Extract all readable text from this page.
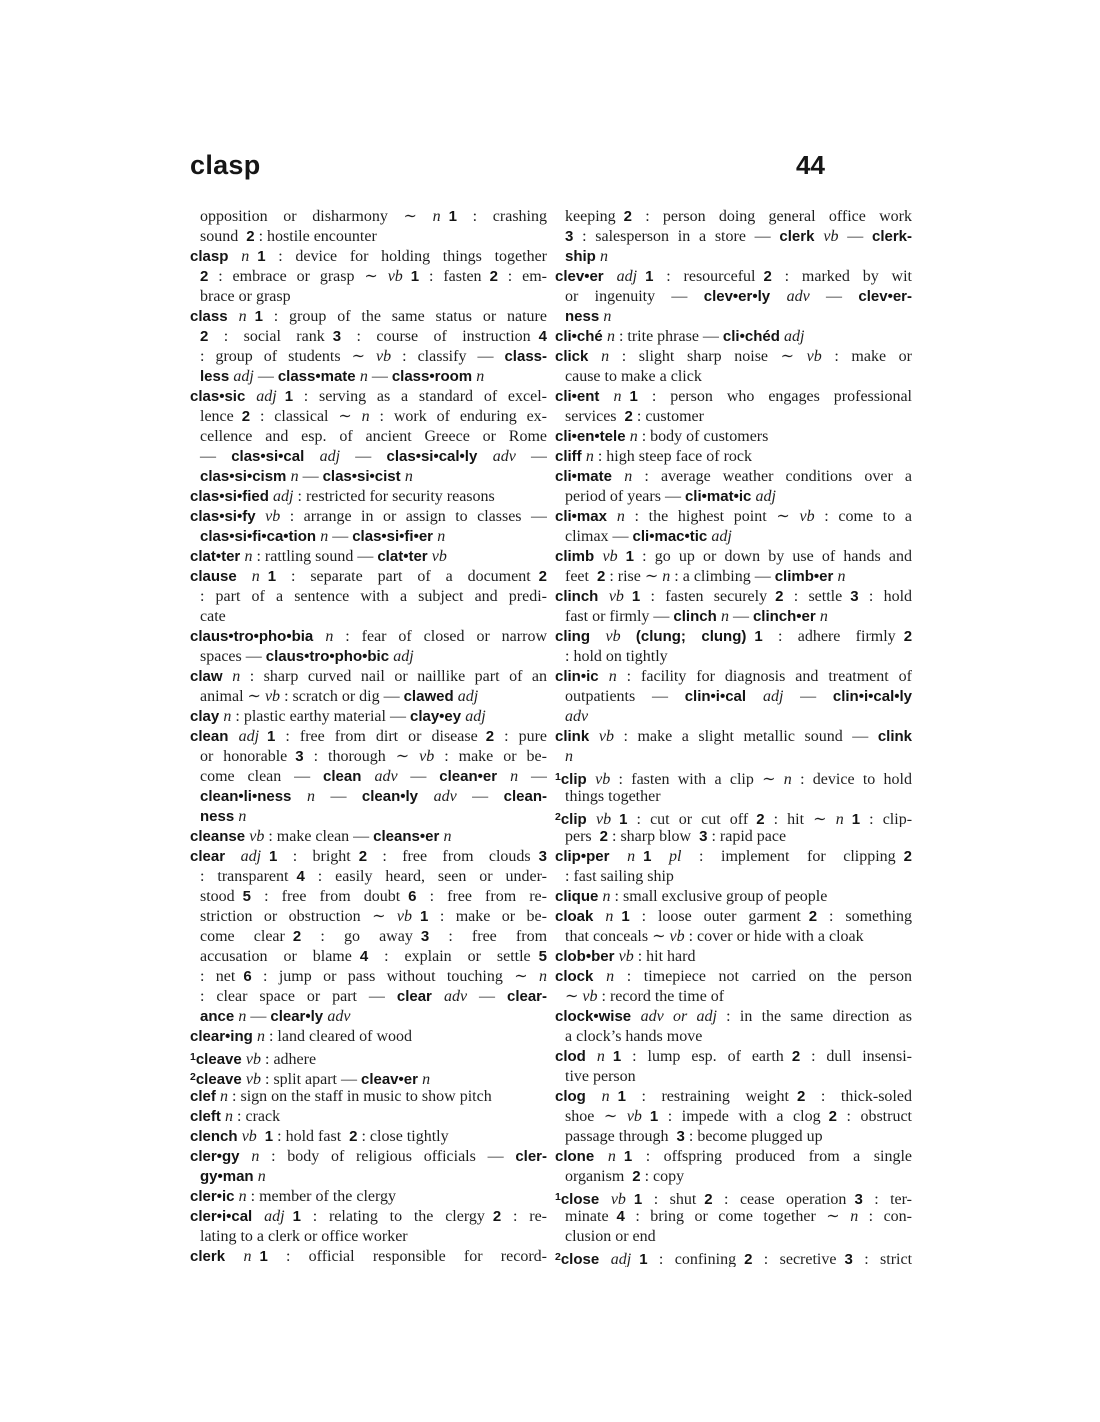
clasp	44
opposition or disharmony ∼ n  1 : crashing
sound 2 : hostile encounter
clasp n  1 : device for holding things together
2 : embrace or grasp ∼ vb  1 : fasten 2 : em-
brace or grasp
class n  1 : group of the same status or nature
2 : social rank 3 : course of instruction 4
: group of students ∼ vb : classify — class-
less adj — class•mate n — class•room n
clas•sic adj  1 : serving as a standard of excel-
lence 2 : classical ∼ n : work of enduring ex-
cellence and esp. of ancient Greece or Rome
— clas•si•cal adj — clas•si•cal•ly adv —
clas•si•cism n — clas•si•cist n
clas•si•fied adj : restricted for security reasons
clas•si•fy vb : arrange in or assign to classes —
clas•si•fi•ca•tion n — clas•si•fi•er n
clat•ter n : rattling sound — clat•ter vb
clause n  1 : separate part of a document 2
: part of a sentence with a subject and predi-
cate
claus•tro•pho•bia n : fear of closed or narrow
spaces — claus•tro•pho•bic adj
claw n : sharp curved nail or naillike part of an
animal ∼ vb : scratch or dig — clawed adj
clay n : plastic earthy material — clay•ey adj
clean adj  1 : free from dirt or disease 2 : pure
or honorable 3 : thorough ∼ vb : make or be-
come clean — clean adv — clean•er n —
clean•li•ness n — clean•ly adv — clean-
ness n
cleanse vb : make clean — cleans•er n
clear adj  1 : bright 2 : free from clouds 3
: transparent 4 : easily heard, seen or under-
stood 5 : free from doubt 6 : free from re-
striction or obstruction ∼ vb  1 : make or be-
come clear 2 : go away 3 : free from
accusation or blame 4 : explain or settle 5
: net 6 : jump or pass without touching ∼ n
: clear space or part — clear adv — clear-
ance n — clear•ly adv
clear•ing n : land cleared of wood
$^1$cleave vb : adhere
$^2$cleave vb : split apart — cleav•er n
clef n : sign on the staff in music to show pitch
cleft n : crack
clench vb  1 : hold fast 2 : close tightly
cler•gy n : body of religious officials — cler-
gy•man n
cler•ic n : member of the clergy
cler•i•cal adj  1 : relating to the clergy 2 : re-
lating to a clerk or office worker
clerk n  1 : official responsible for record-
keeping 2 : person doing general office work
3 : salesperson in a store — clerk vb — clerk-
ship n
clev•er adj  1 : resourceful 2 : marked by wit
or ingenuity — clev•er•ly adv — clev•er-
ness n
cli•ché n : trite phrase — cli•chéd adj
click n : slight sharp noise ∼ vb : make or
cause to make a click
cli•ent n  1 : person who engages professional
services 2 : customer
cli•en•tele n : body of customers
cliff n : high steep face of rock
cli•mate n : average weather conditions over a
period of years — cli•mat•ic adj
cli•max n : the highest point ∼ vb : come to a
climax — cli•mac•tic adj
climb vb  1 : go up or down by use of hands and
feet 2 : rise ∼ n : a climbing — climb•er n
clinch vb  1 : fasten securely 2 : settle 3 : hold
fast or firmly — clinch n — clinch•er n
cling vb (clung; clung)  1 : adhere firmly 2
: hold on tightly
clin•ic n : facility for diagnosis and treatment of
outpatients — clin•i•cal adj — clin•i•cal•ly
adv
clink vb : make a slight metallic sound — clink
n
$^1$clip vb : fasten with a clip ∼ n : device to hold
things together
$^2$clip vb  1 : cut or cut off 2 : hit ∼ n  1 : clip-
pers 2 : sharp blow 3 : rapid pace
clip•per n  1 pl : implement for clipping 2
: fast sailing ship
clique n : small exclusive group of people
cloak n  1 : loose outer garment 2 : something
that conceals ∼ vb : cover or hide with a cloak
clob•ber vb : hit hard
clock n : timepiece not carried on the person
∼ vb : record the time of
clock•wise adv or adj : in the same direction as
a clock’s hands move
clod n  1 : lump esp. of earth 2 : dull insensi-
tive person
clog n  1 : restraining weight 2 : thick-soled
shoe ∼ vb  1 : impede with a clog 2 : obstruct
passage through 3 : become plugged up
clone n  1 : offspring produced from a single
organism 2 : copy
$^1$close vb  1 : shut 2 : cease operation 3 : ter-
minate 4 : bring or come together ∼ n : con-
clusion or end
$^2$close adj  1 : confining 2 : secretive 3 : strict
